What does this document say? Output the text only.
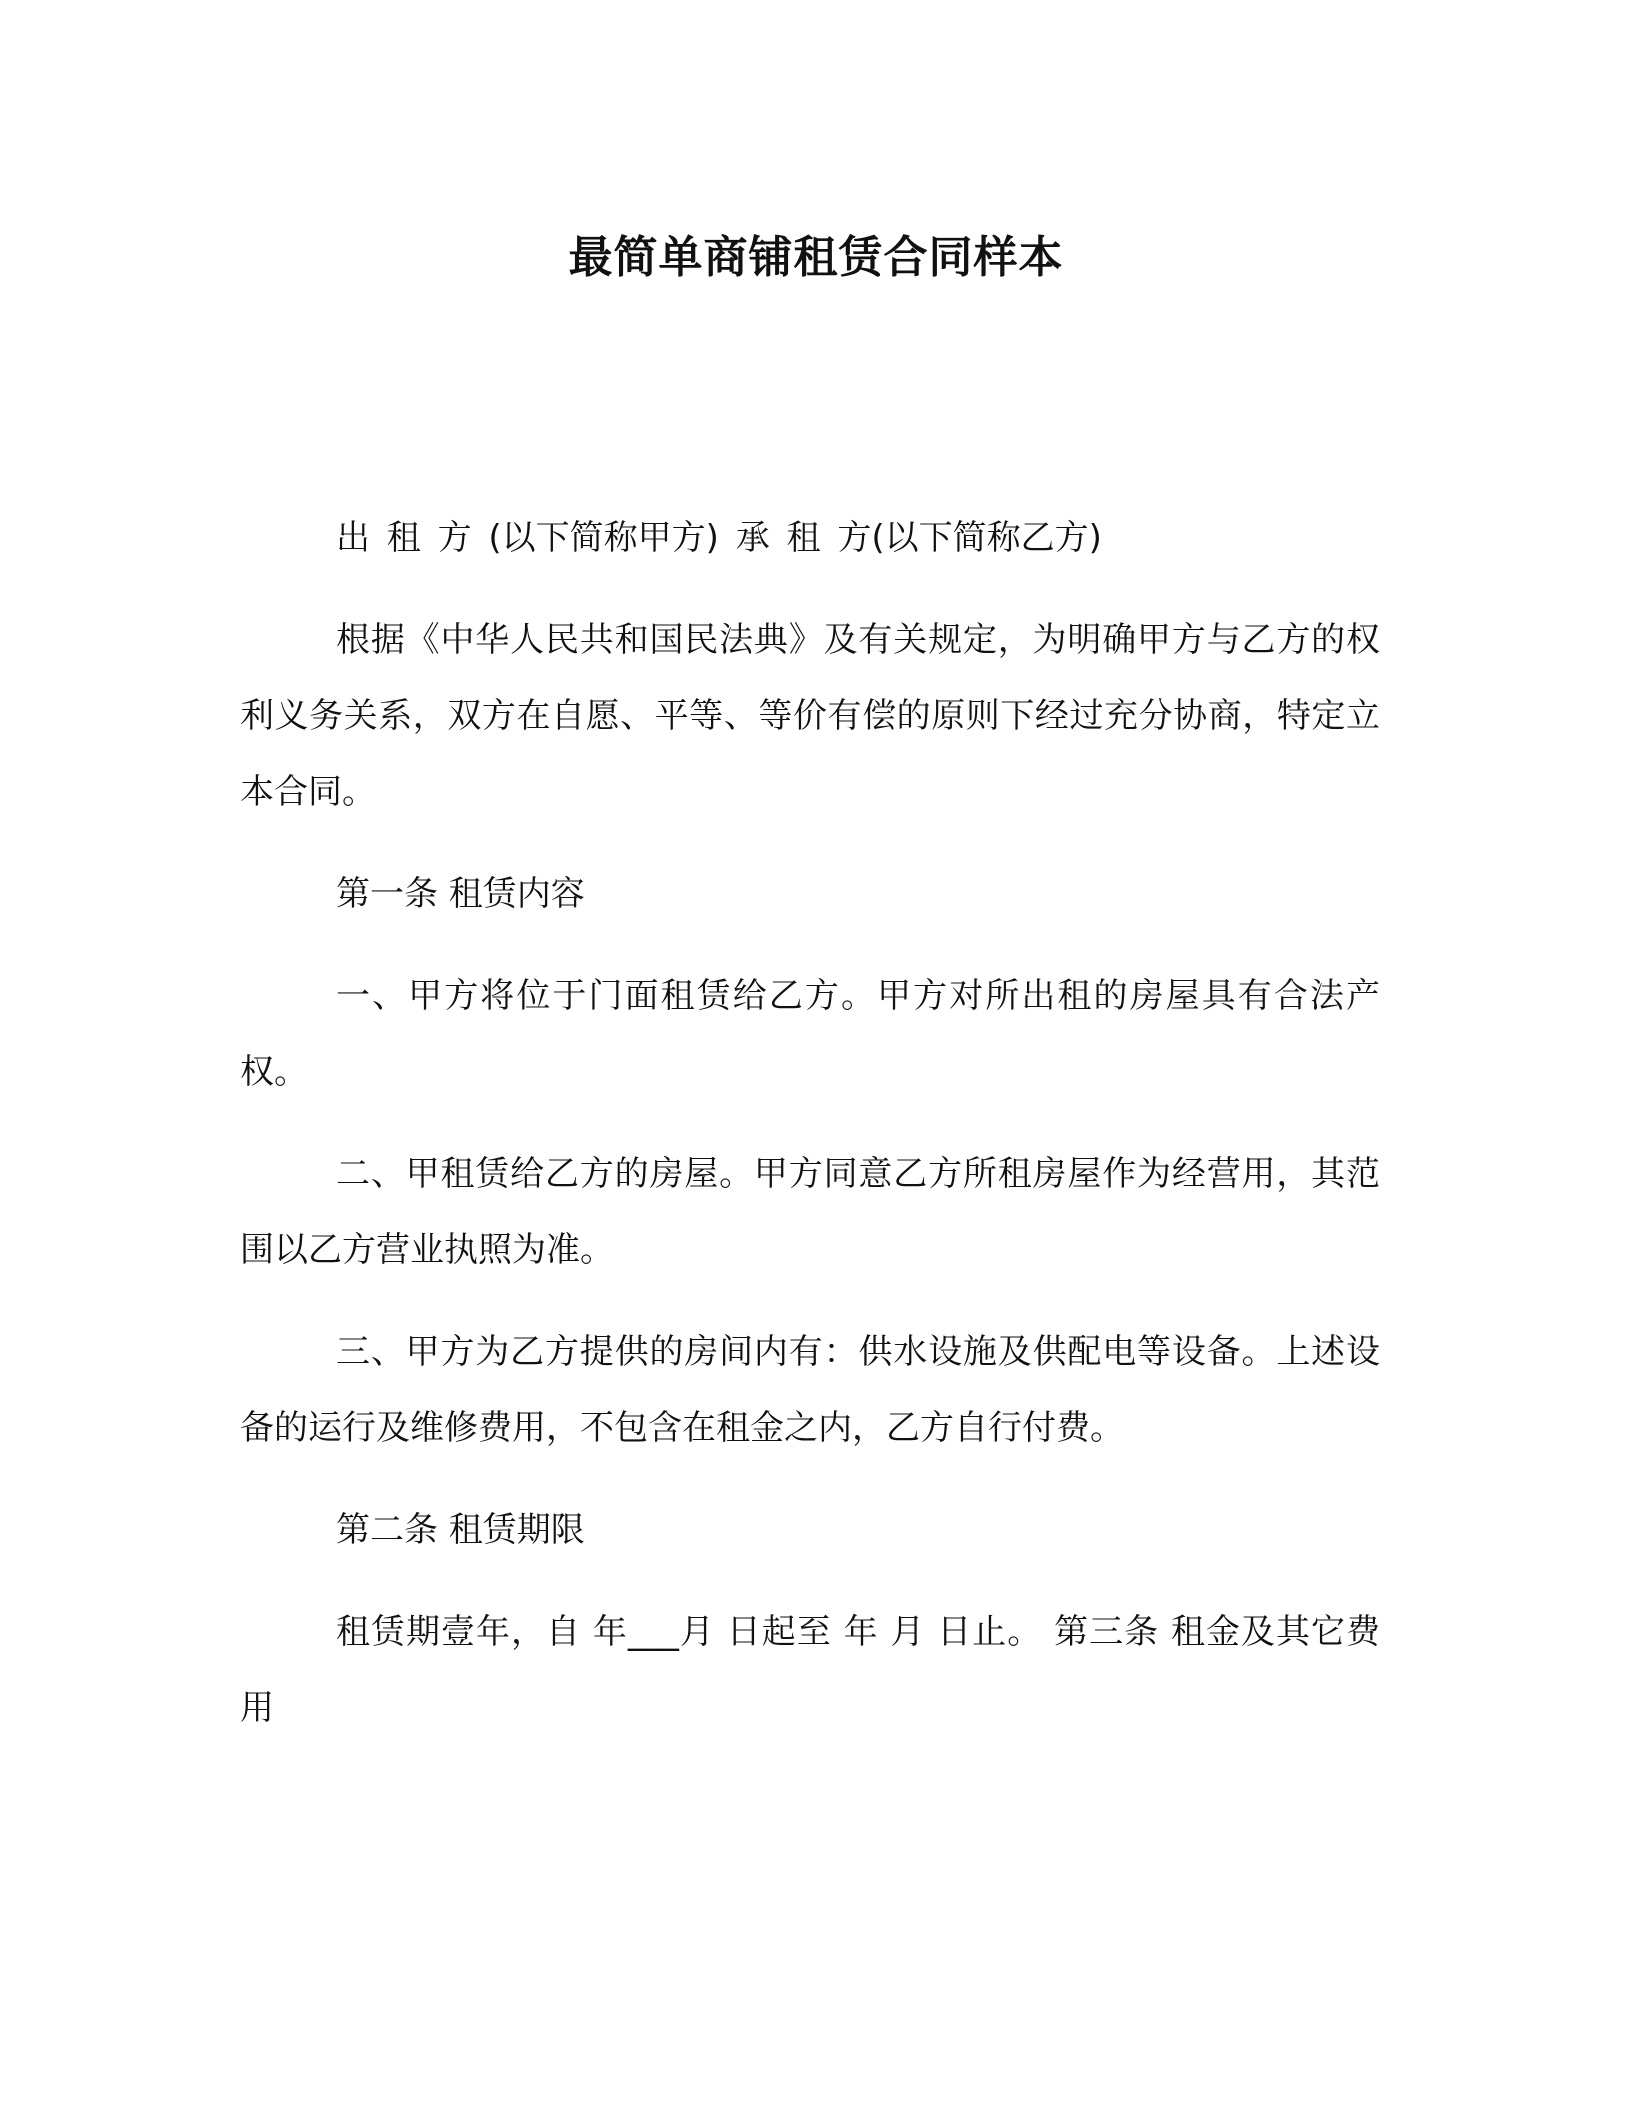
最简单商铺租赁合同样本

出 租 方 (以下简称甲方) 承 租 方(以下简称乙方)

根据《中华人民共和国民法典》及有关规定，为明确甲方与乙方的权利义务关系，双方在自愿、平等、等价有偿的原则下经过充分协商，特定立本合同。

第一条 租赁内容

一、甲方将位于门面租赁给乙方。甲方对所出租的房屋具有合法产权。

二、甲租赁给乙方的房屋。甲方同意乙方所租房屋作为经营用，其范围以乙方营业执照为准。

三、甲方为乙方提供的房间内有：供水设施及供配电等设备。上述设备的运行及维修费用，不包含在租金之内，乙方自行付费。

第二条 租赁期限

租赁期壹年，自 年___月 日起至 年 月 日止。 第三条 租金及其它费用
